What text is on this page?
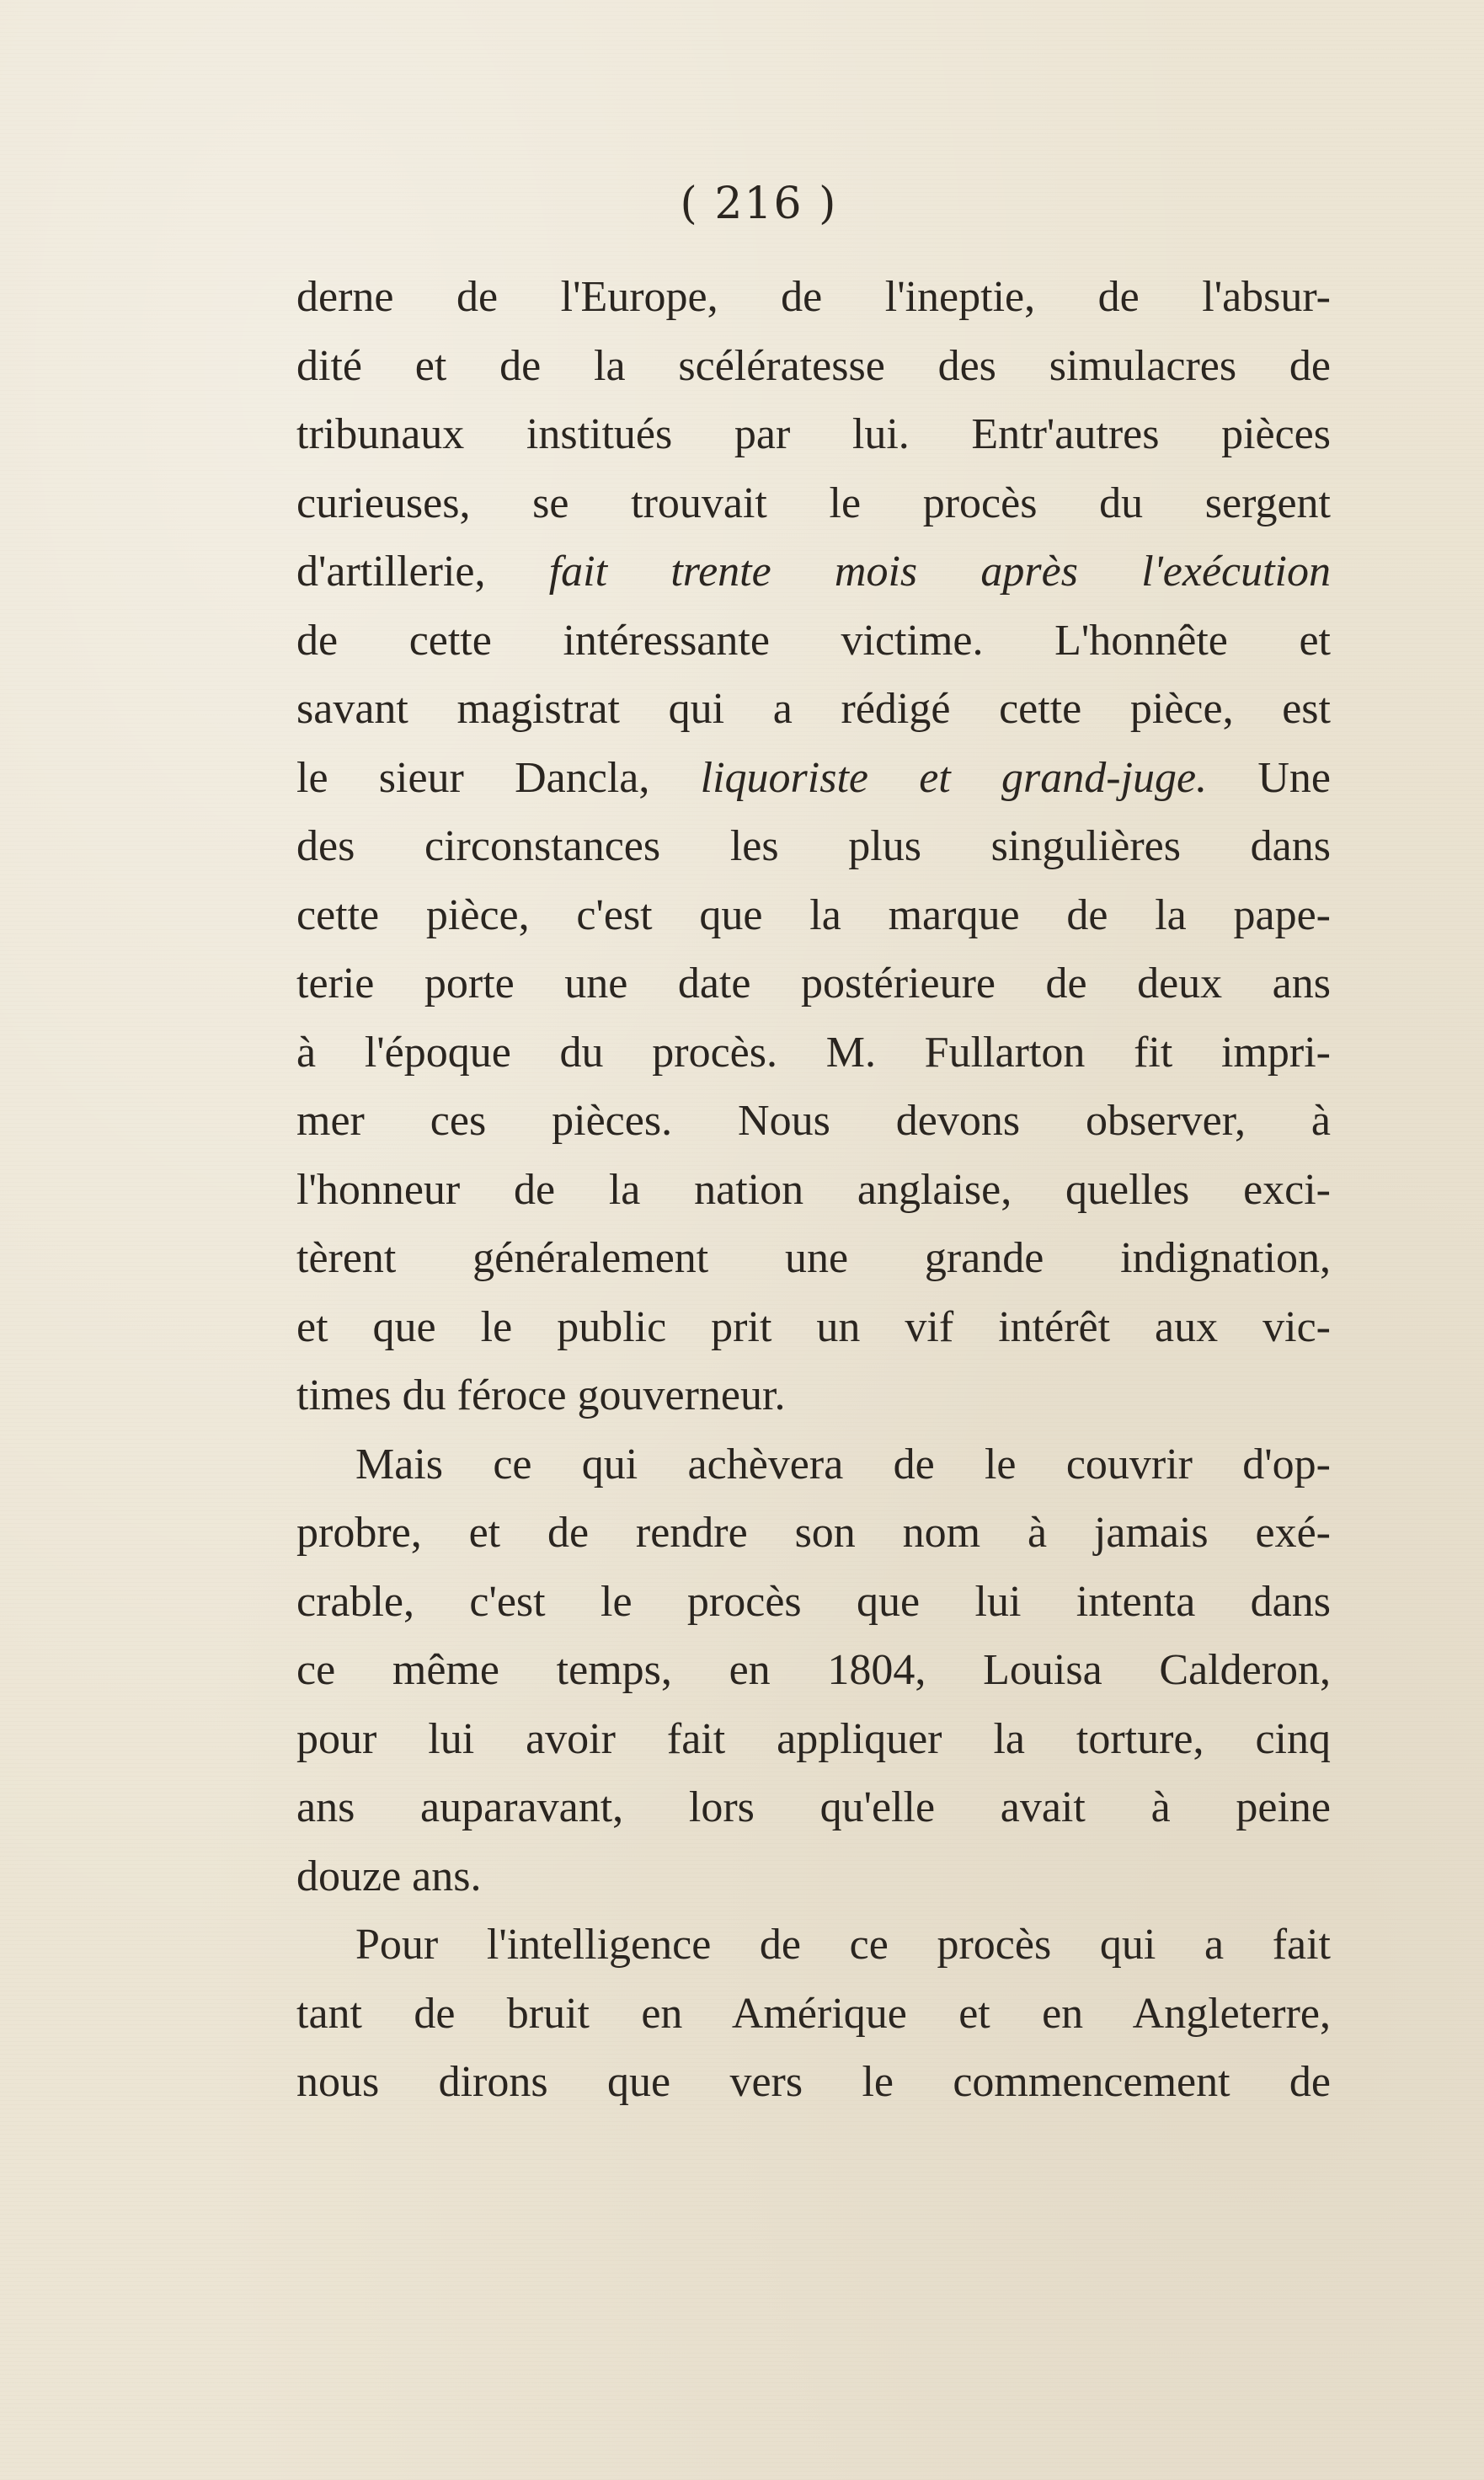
( 216 )
derne de l'Europe, de l'ineptie, de l'absur-
dité et de la scélératesse des simulacres de
tribunaux institués par lui. Entr'autres pièces
curieuses, se trouvait le procès du sergent
d'artillerie, fait trente mois après l'exécution
de cette intéressante victime. L'honnête et
savant magistrat qui a rédigé cette pièce, est
le sieur Dancla, liquoriste et grand-juge. Une
des circonstances les plus singulières dans
cette pièce, c'est que la marque de la pape-
terie porte une date postérieure de deux ans
à l'époque du procès. M. Fullarton fit impri-
mer ces pièces. Nous devons observer, à
l'honneur de la nation anglaise, quelles exci-
tèrent généralement une grande indignation,
et que le public prit un vif intérêt aux vic-
times du féroce gouverneur.
Mais ce qui achèvera de le couvrir d'op-
probre, et de rendre son nom à jamais exé-
crable, c'est le procès que lui intenta dans
ce même temps, en 1804, Louisa Calderon,
pour lui avoir fait appliquer la torture, cinq
ans auparavant, lors qu'elle avait à peine
douze ans.
Pour l'intelligence de ce procès qui a fait
tant de bruit en Amérique et en Angleterre,
nous dirons que vers le commencement de
